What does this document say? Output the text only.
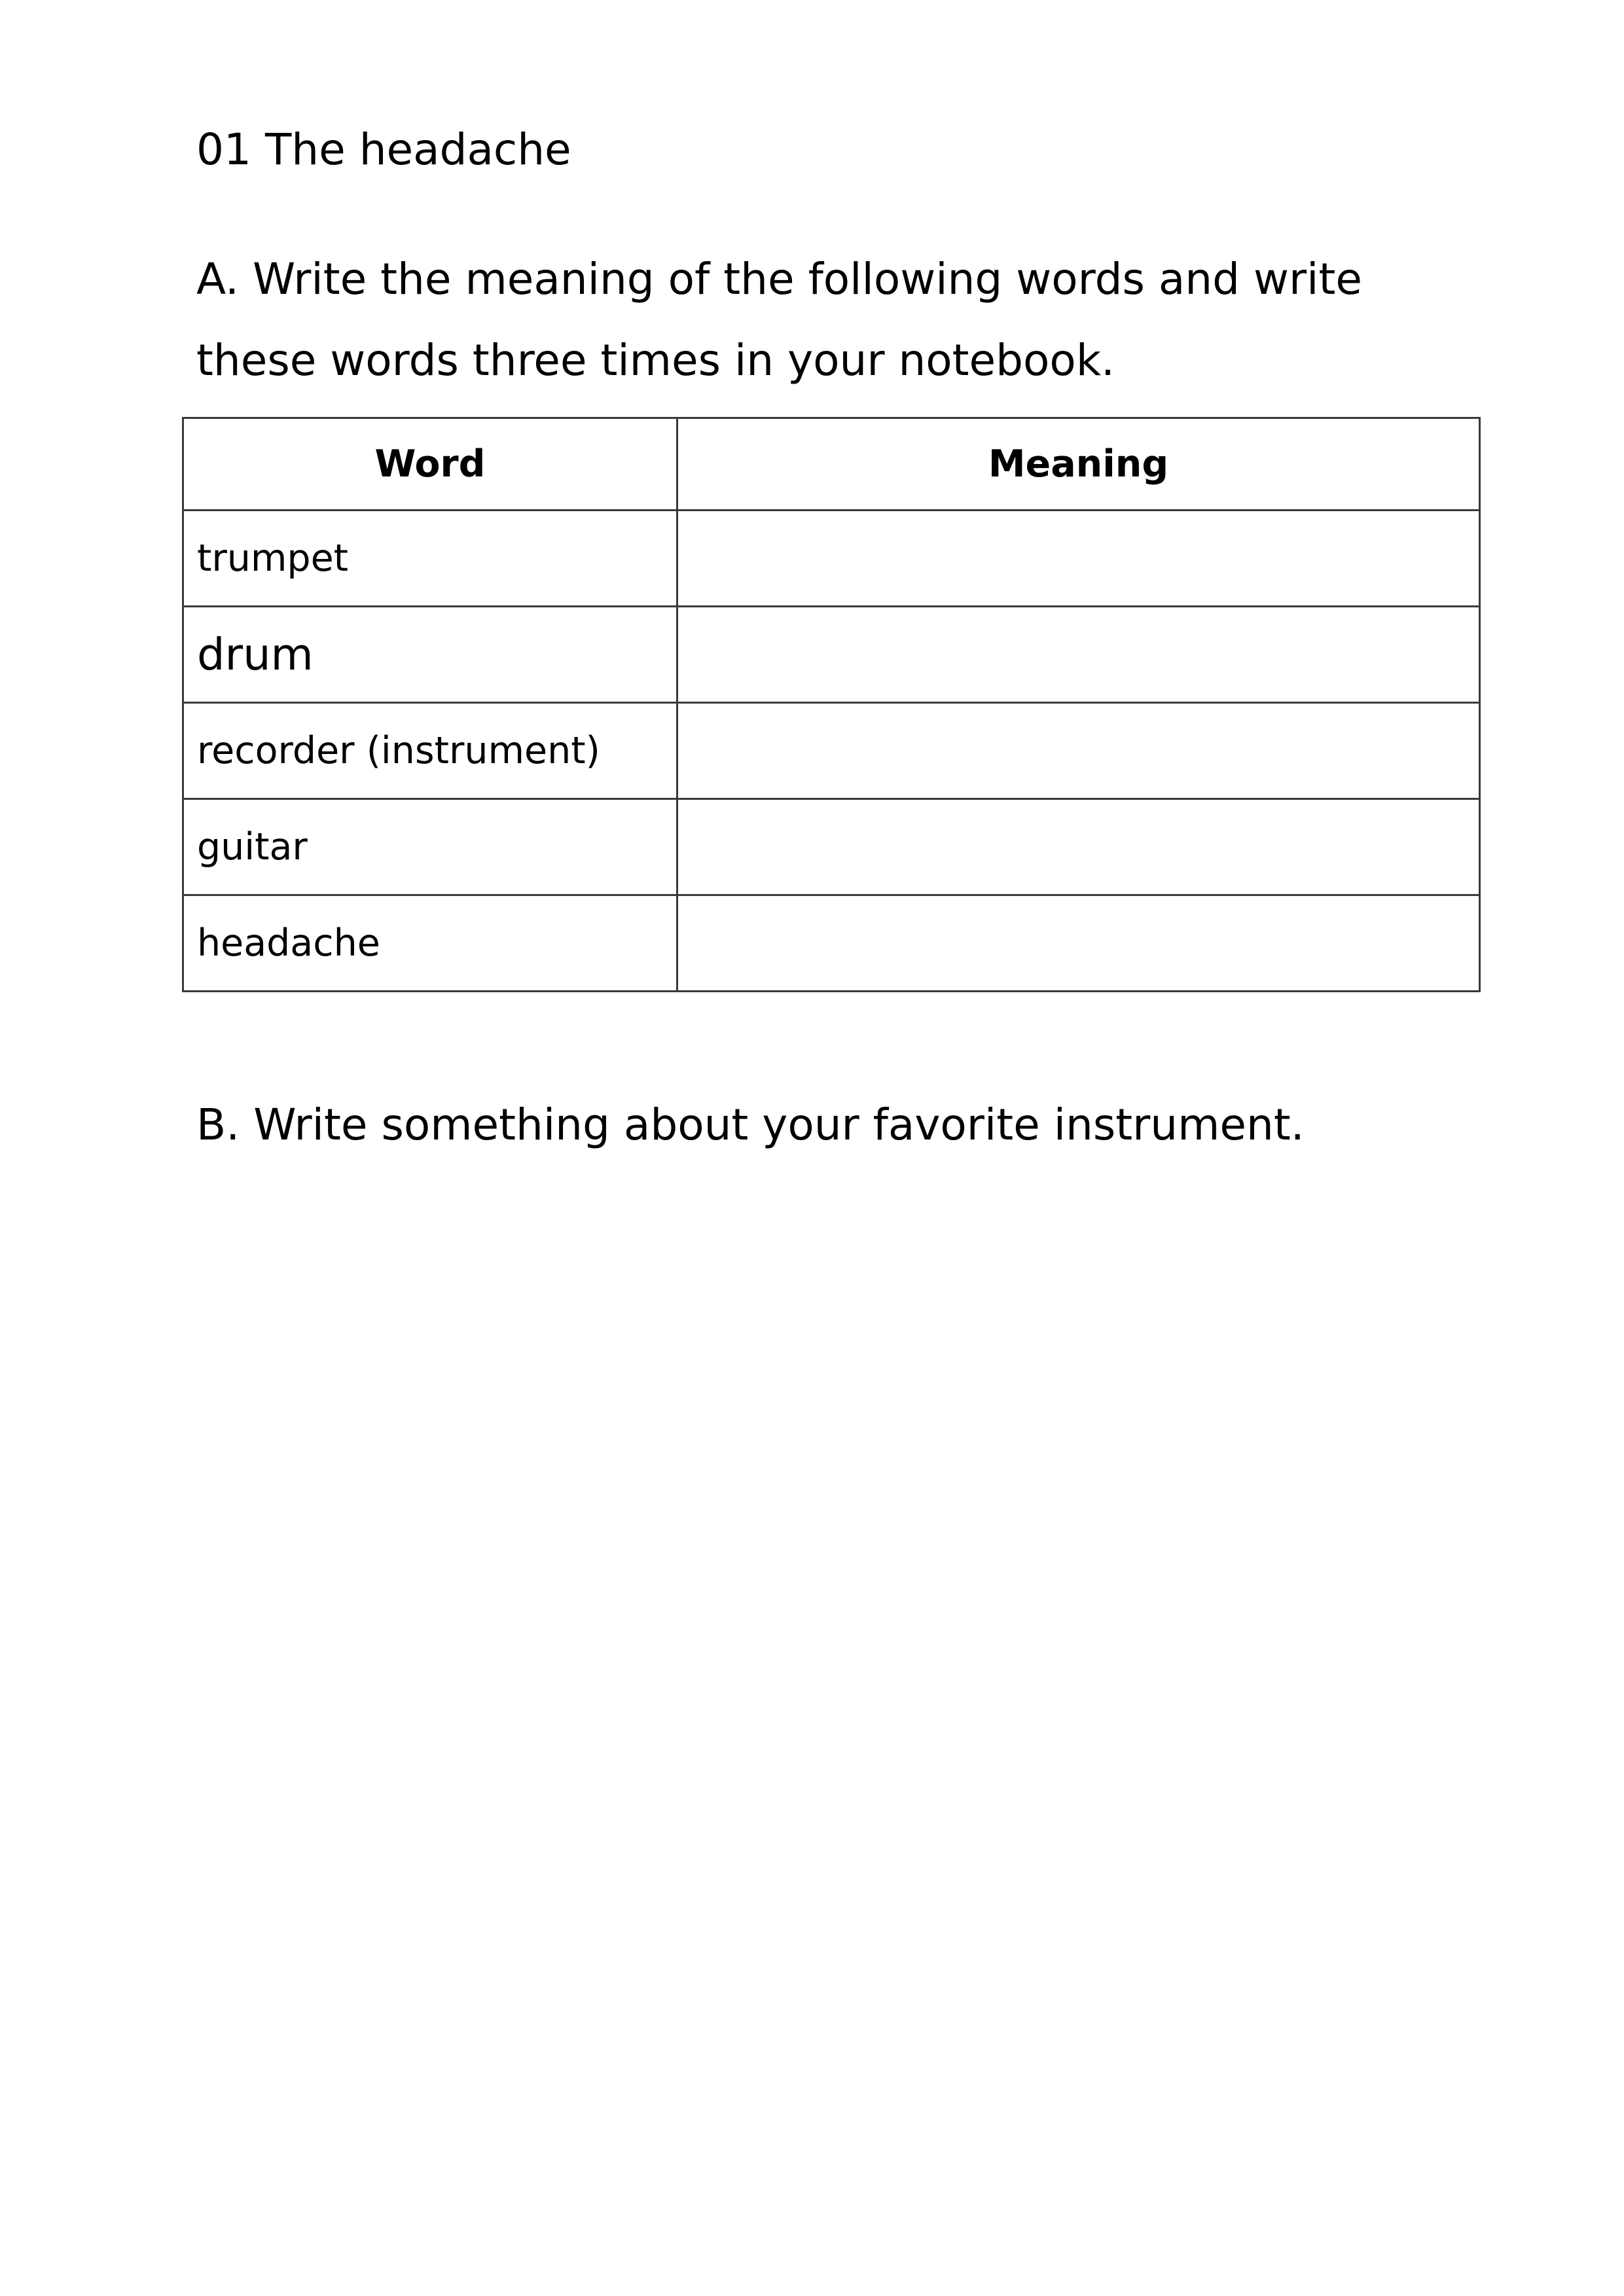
01 The headache
A. Write the meaning of the following words and write these words three times in your notebook.
Word	Meaning
trumpet	
drum	
recorder (instrument)	
guitar	
headache	
B. Write something about your favorite instrument.
